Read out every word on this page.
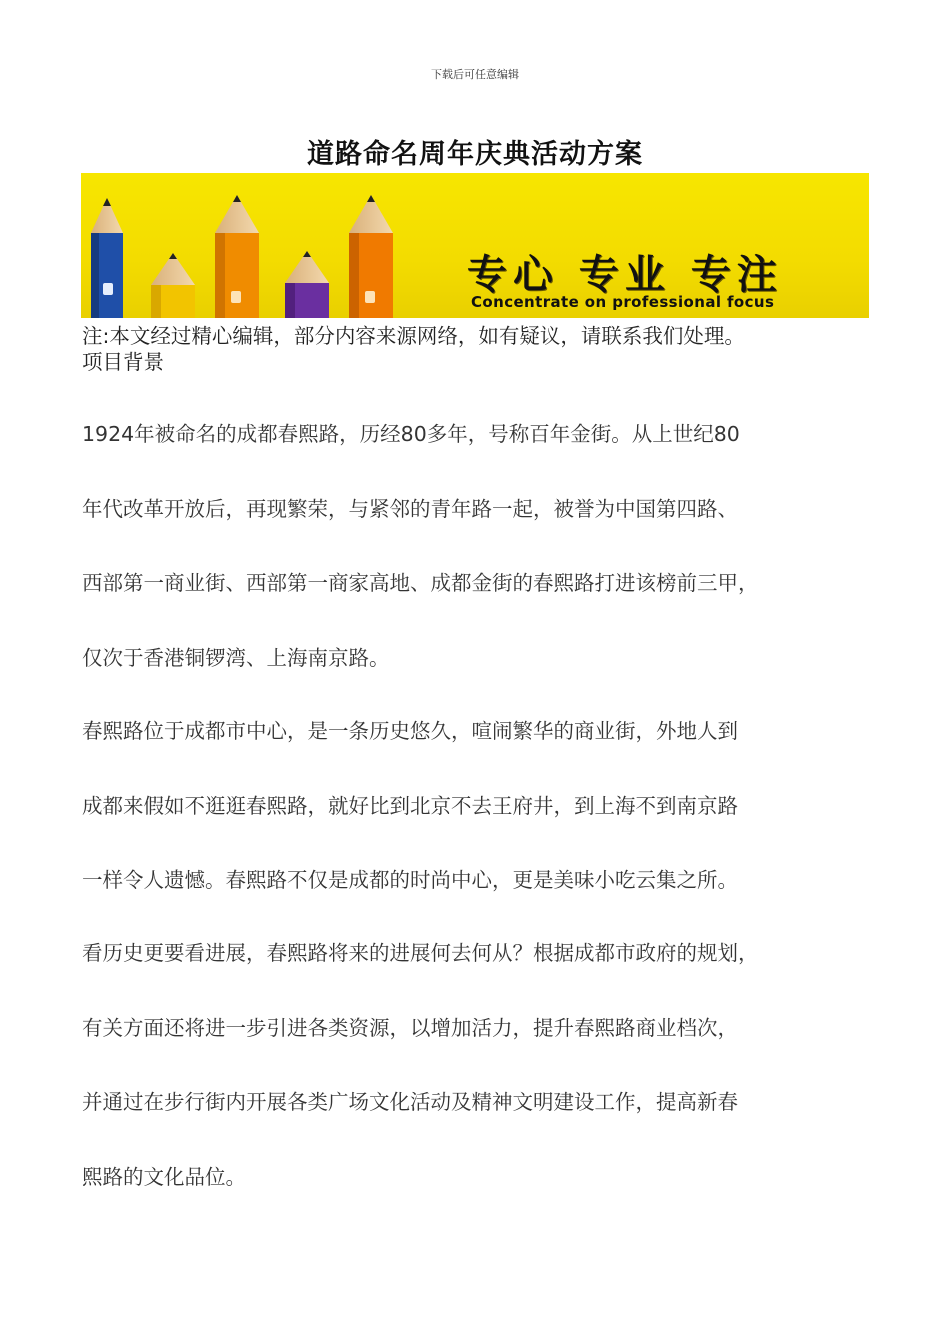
下载后可任意编辑
道路命名周年庆典活动方案
专心 专业 专注
Concentrate on professional focus
注:本文经过精心编辑，部分内容来源网络，如有疑议，请联系我们处理。
项目背景
1924年被命名的成都春熙路，历经80多年，号称百年金街。从上世纪80
年代改革开放后，再现繁荣，与紧邻的青年路一起，被誉为中国第四路、
西部第一商业街、西部第一商家高地、成都金街的春熙路打进该榜前三甲，
仅次于香港铜锣湾、上海南京路。
春熙路位于成都市中心，是一条历史悠久，喧闹繁华的商业街，外地人到
成都来假如不逛逛春熙路，就好比到北京不去王府井，到上海不到南京路
一样令人遗憾。春熙路不仅是成都的时尚中心，更是美味小吃云集之所。
看历史更要看进展，春熙路将来的进展何去何从？根据成都市政府的规划，
有关方面还将进一步引进各类资源，以增加活力，提升春熙路商业档次，
并通过在步行街内开展各类广场文化活动及精神文明建设工作，提高新春
熙路的文化品位。
